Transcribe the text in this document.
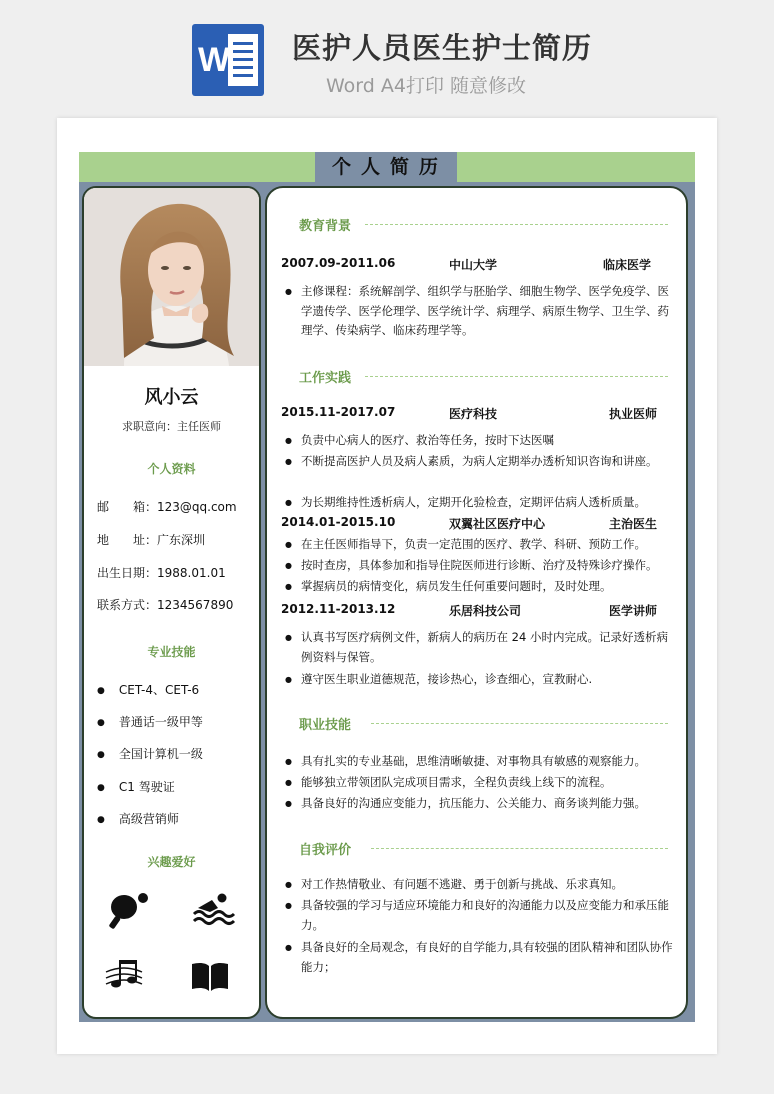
W 医护人员医生护士简历
Word A4打印 随意修改
个人简历
风小云
求职意向：主任医师
个人资料
邮　　箱：123@qq.com
地　　址：广东深圳
出生日期：1988.01.01
联系方式：1234567890
专业技能
● CET-4、CET-6
● 普通话一级甲等
● 全国计算机一级
● C1 驾驶证
● 高级营销师
兴趣爱好
教育背景
2007.09-2011.06	中山大学	临床医学
● 主修课程：系统解剖学、组织学与胚胎学、细胞生物学、医学免疫学、医学遗传学、医学伦理学、医学统计学、病理学、病原生物学、卫生学、药理学、传染病学、临床药理学等。
工作实践
2015.11-2017.07	医疗科技	执业医师
● 负责中心病人的医疗、救治等任务，按时下达医嘱
● 不断提高医护人员及病人素质，为病人定期举办透析知识咨询和讲座。
● 为长期维持性透析病人，定期开化验检查，定期评估病人透析质量。
2014.01-2015.10	双翼社区医疗中心	主治医生
● 在主任医师指导下，负责一定范围的医疗、教学、科研、预防工作。
● 按时查房，具体参加和指导住院医师进行诊断、治疗及特殊诊疗操作。
● 掌握病员的病情变化，病员发生任何重要问题时，及时处理。
2012.11-2013.12	乐居科技公司	医学讲师
● 认真书写医疗病例文件，新病人的病历在 24 小时内完成。记录好透析病例资料与保管。
● 遵守医生职业道德规范，接诊热心，诊查细心，宣教耐心.
职业技能
● 具有扎实的专业基础，思维清晰敏捷、对事物具有敏感的观察能力。
● 能够独立带领团队完成项目需求，全程负责线上线下的流程。
● 具备良好的沟通应变能力，抗压能力、公关能力、商务谈判能力强。
自我评价
● 对工作热情敬业、有问题不逃避、勇于创新与挑战、乐求真知。
● 具备较强的学习与适应环境能力和良好的沟通能力以及应变能力和承压能力。
● 具备良好的全局观念，有良好的自学能力,具有较强的团队精神和团队协作能力；
